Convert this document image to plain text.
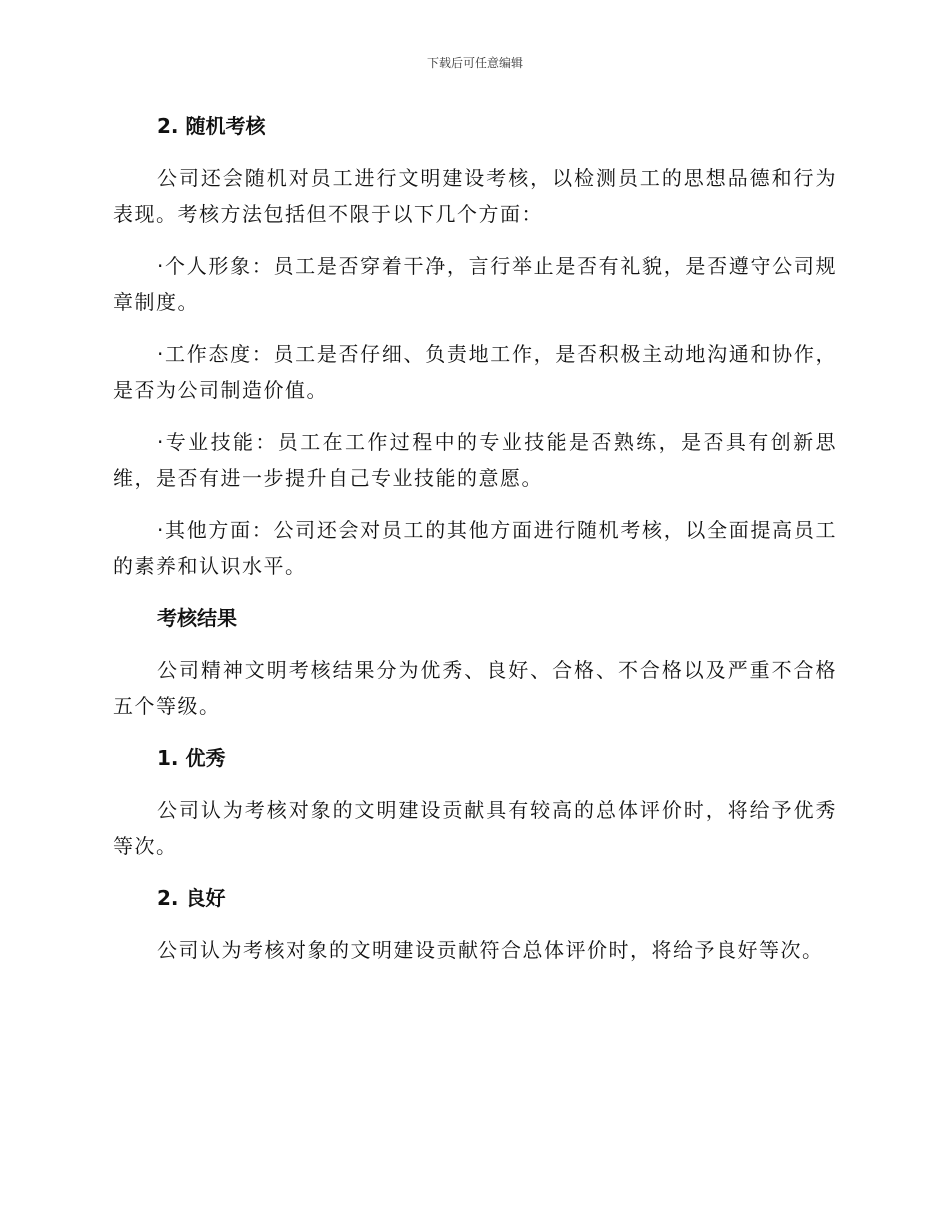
下载后可任意编辑
2. 随机考核

公司还会随机对员工进行文明建设考核，以检测员工的思想品德和行为表现。考核方法包括但不限于以下几个方面：

·个人形象：员工是否穿着干净，言行举止是否有礼貌，是否遵守公司规章制度。

·工作态度：员工是否仔细、负责地工作，是否积极主动地沟通和协作，是否为公司制造价值。

·专业技能：员工在工作过程中的专业技能是否熟练，是否具有创新思维，是否有进一步提升自己专业技能的意愿。

·其他方面：公司还会对员工的其他方面进行随机考核，以全面提高员工的素养和认识水平。

考核结果

公司精神文明考核结果分为优秀、良好、合格、不合格以及严重不合格五个等级。

1. 优秀

公司认为考核对象的文明建设贡献具有较高的总体评价时，将给予优秀等次。

2. 良好

公司认为考核对象的文明建设贡献符合总体评价时，将给予良好等次。
